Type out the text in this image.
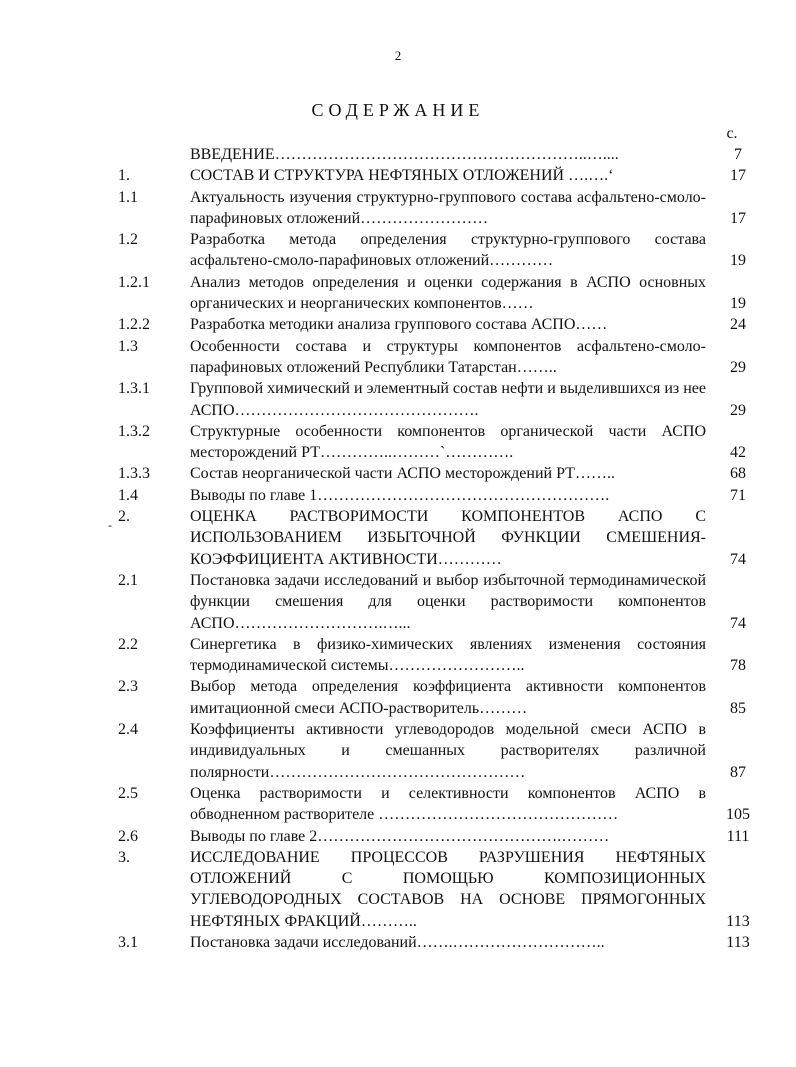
2
СОДЕРЖАНИЕ
с.
-
ВВЕДЕНИЕ…………………………………………………..…....	7
1.	СОСТАВ И СТРУКТУРА НЕФТЯНЫХ ОТЛОЖЕНИЙ ….….‘	17
1.1	Актуальность изучения структурно-группового состава асфальтено-смоло-парафиновых отложений……………………	17
1.2	Разработка метода определения структурно-группового состава асфальтено-смоло-парафиновых отложений…………	19
1.2.1	Анализ методов определения и оценки содержания в АСПО основных органических и неорганических компонентов……	19
1.2.2	Разработка методики анализа группового состава АСПО……	24
1.3	Особенности состава и структуры компонентов асфальтено-смоло-парафиновых отложений Республики Татарстан……..	29
1.3.1	Групповой химический и элементный состав нефти и выделившихся из нее АСПО……………………………………….	29
1.3.2	Структурные особенности компонентов органической части АСПО месторождений РТ…………..………`………….	42
1.3.3	Состав неорганической части АСПО месторождений РТ……..	68
1.4	Выводы по главе 1……………………………………………….	71
2.	ОЦЕНКА РАСТВОРИМОСТИ КОМПОНЕНТОВ АСПО С ИСПОЛЬЗОВАНИЕМ ИЗБЫТОЧНОЙ ФУНКЦИИ СМЕШЕНИЯ-КОЭФФИЦИЕНТА АКТИВНОСТИ…………	74
2.1	Постановка задачи исследований и выбор избыточной термодинамической функции смешения для оценки растворимости компонентов АСПО……………………….…...	74
2.2	Синергетика в физико-химических явлениях изменения состояния термодинамической системы……………………..	78
2.3	Выбор метода определения коэффициента активности компонентов имитационной смеси АСПО-растворитель………	85
2.4	Коэффициенты активности углеводородов модельной смеси АСПО в индивидуальных и смешанных растворителях различной полярности…………………………………………	87
2.5	Оценка растворимости и селективности компонентов АСПО в обводненном растворителе ………………………………………	105
2.6	Выводы по главе 2……………………………………….………	111
3.	ИССЛЕДОВАНИЕ ПРОЦЕССОВ РАЗРУШЕНИЯ НЕФТЯНЫХ ОТЛОЖЕНИЙ С ПОМОЩЬЮ КОМПОЗИЦИОННЫХ УГЛЕВОДОРОДНЫХ СОСТАВОВ НА ОСНОВЕ ПРЯМОГОННЫХ НЕФТЯНЫХ ФРАКЦИЙ………..	113
3.1	Постановка задачи исследований…….………………………..	113
